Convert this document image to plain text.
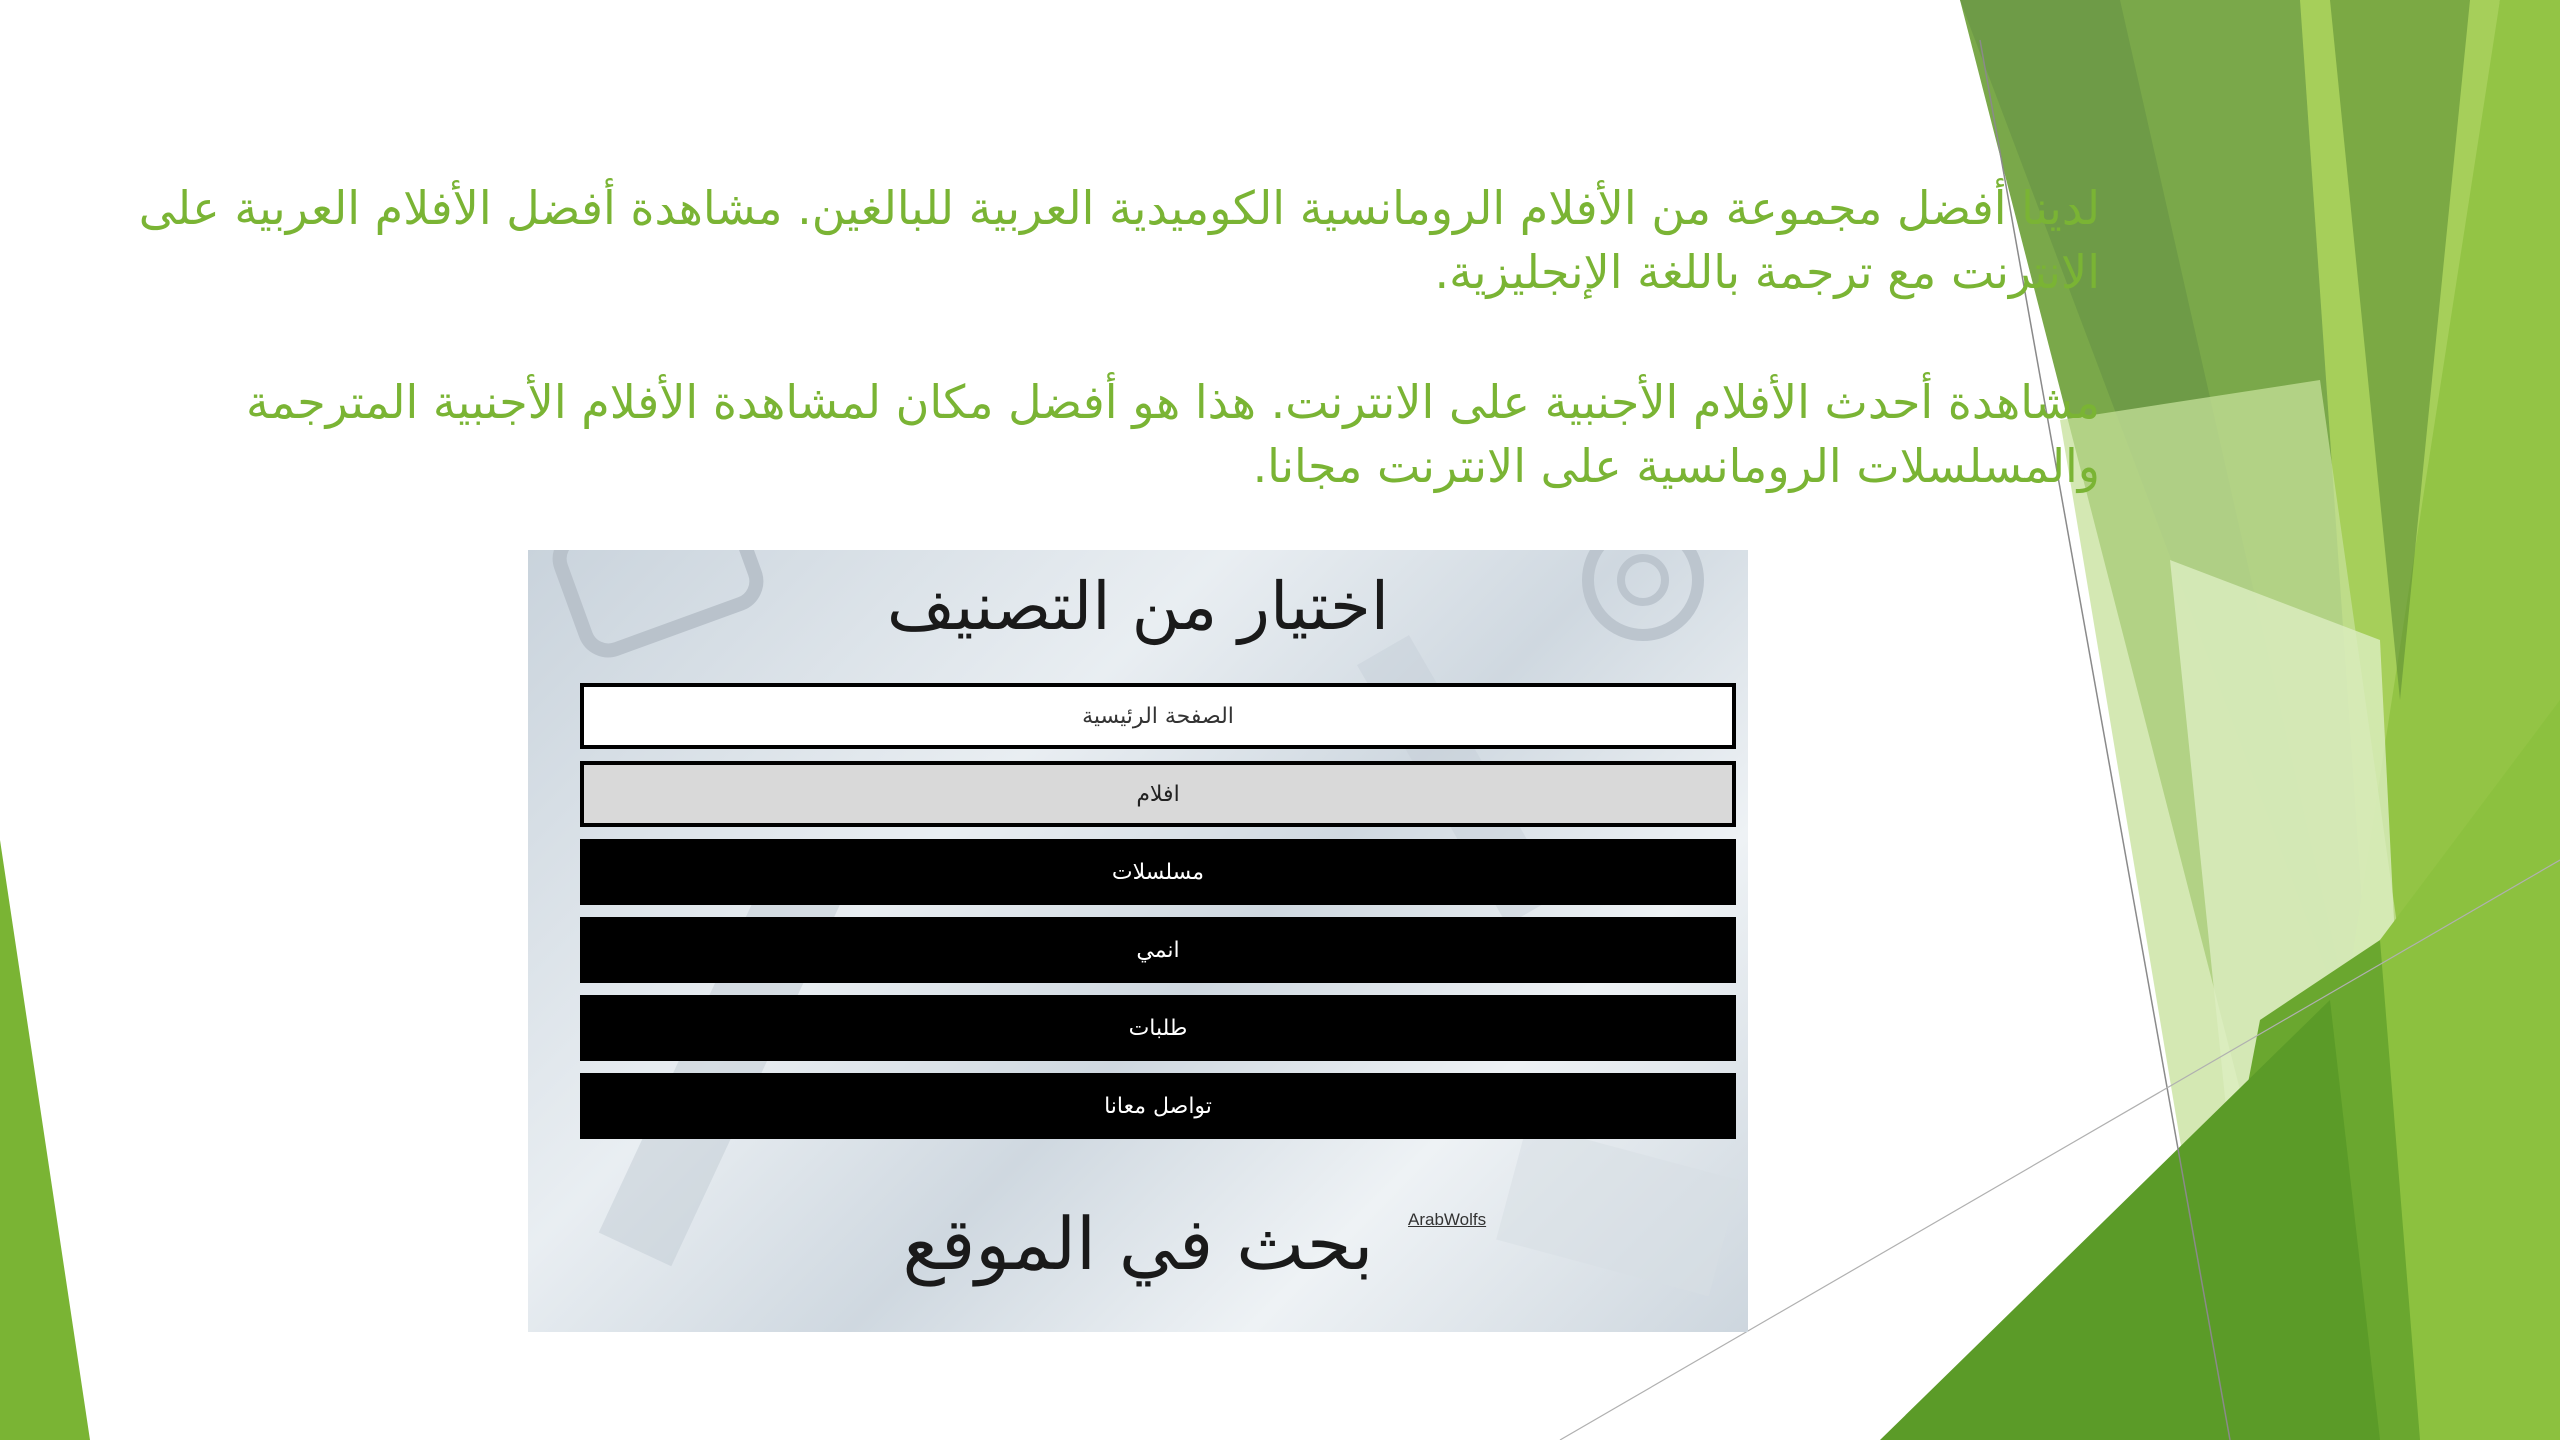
لدينا أفضل مجموعة من الأفلام الرومانسية الكوميدية العربية للبالغين. مشاهدة أفضل الأفلام العربية على الانترنت مع ترجمة باللغة الإنجليزية.
مشاهدة أحدث الأفلام الأجنبية على الانترنت. هذا هو أفضل مكان لمشاهدة الأفلام الأجنبية المترجمة والمسلسلات الرومانسية على الانترنت مجانا.
اختيار من التصنيف
الصفحة الرئيسية
افلام
مسلسلات
انمي
طلبات
تواصل معانا
ArabWolfs
بحث في الموقع
